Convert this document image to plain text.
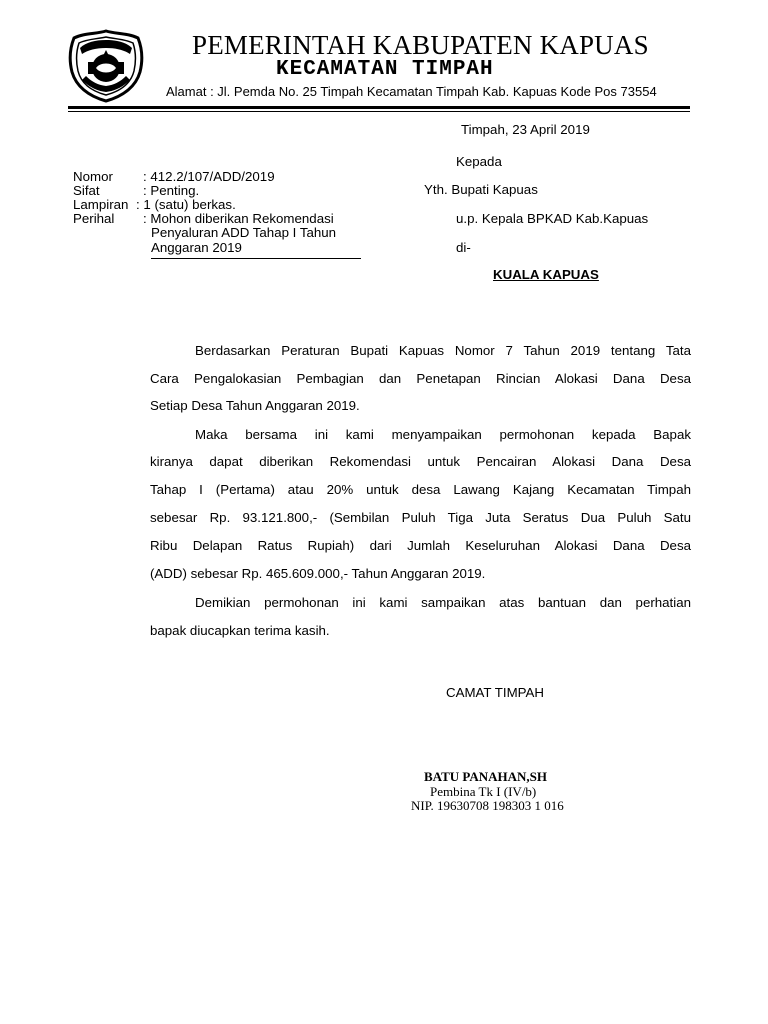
PEMERINTAH KABUPATEN KAPUAS
KECAMATAN TIMPAH
Alamat : Jl. Pemda No. 25 Timpah Kecamatan Timpah Kab. Kapuas Kode Pos 73554
Timpah, 23 April 2019
Nomor : 412.2/107/ADD/2019
Sifat	: Penting.
Lampiran : 1 (satu) berkas.
Perihal : Mohon diberikan Rekomendasi
Penyaluran ADD Tahap I Tahun
Anggaran 2019
Kepada
Yth. Bupati Kapuas
u.p. Kepala BPKAD Kab.Kapuas
di-
KUALA KAPUAS
Berdasarkan Peraturan Bupati Kapuas Nomor 7 Tahun 2019 tentang Tata
Cara Pengalokasian Pembagian dan Penetapan Rincian Alokasi Dana Desa
Setiap Desa Tahun Anggaran 2019.
Maka bersama ini kami menyampaikan permohonan kepada Bapak
kiranya dapat diberikan Rekomendasi untuk Pencairan Alokasi Dana Desa
Tahap I (Pertama) atau 20% untuk desa Lawang Kajang Kecamatan Timpah
sebesar Rp. 93.121.800,- (Sembilan Puluh Tiga Juta Seratus Dua Puluh Satu
Ribu Delapan Ratus Rupiah) dari Jumlah Keseluruhan Alokasi Dana Desa
(ADD) sebesar Rp. 465.609.000,- Tahun Anggaran 2019.
Demikian permohonan ini kami sampaikan atas bantuan dan perhatian
bapak diucapkan terima kasih.
CAMAT TIMPAH
BATU PANAHAN,SH
Pembina Tk I (IV/b)
NIP. 19630708 198303 1 016
